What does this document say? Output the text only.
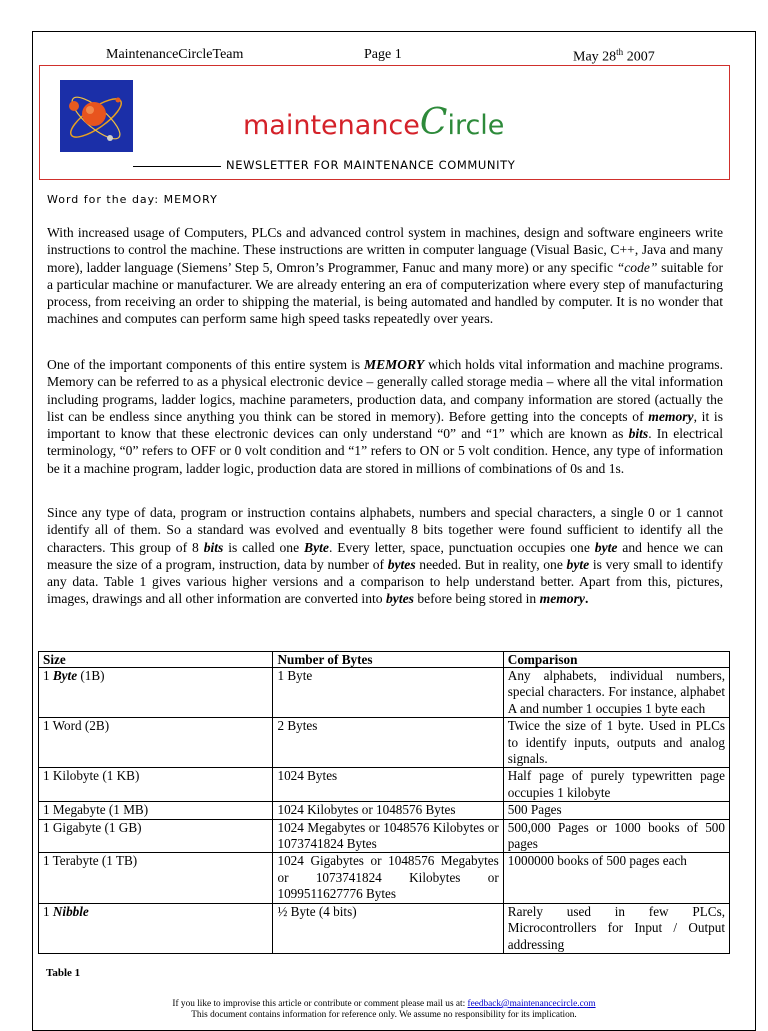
MaintenanceCircleTeam	Page 1	May 28th 2007
maintenanceCircle
NEWSLETTER FOR MAINTENANCE COMMUNITY
Word for the day: MEMORY

With increased usage of Computers, PLCs and advanced control system in machines, design and software engineers write instructions to control the machine. These instructions are written in computer language (Visual Basic, C++, Java and many more), ladder language (Siemens’ Step 5, Omron’s Programmer, Fanuc and many more) or any specific “code” suitable for a particular machine or manufacturer. We are already entering an era of computerization where every step of manufacturing process, from receiving an order to shipping the material, is being automated and handled by computer. It is no wonder that machines and computes can perform same high speed tasks repeatedly over years.

One of the important components of this entire system is MEMORY which holds vital information and machine programs. Memory can be referred to as a physical electronic device – generally called storage media – where all the vital information including programs, ladder logics, machine parameters, production data, and company information are stored (actually the list can be endless since anything you think can be stored in memory). Before getting into the concepts of memory, it is important to know that these electronic devices can only understand “0” and “1” which are known as bits. In electrical terminology, “0” refers to OFF or 0 volt condition and “1” refers to ON or 5 volt condition. Hence, any type of information be it a machine program, ladder logic, production data are stored in millions of combinations of 0s and 1s.

Since any type of data, program or instruction contains alphabets, numbers and special characters, a single 0 or 1 cannot identify all of them. So a standard was evolved and eventually 8 bits together were found sufficient to identify all the characters. This group of 8 bits is called one Byte. Every letter, space, punctuation occupies one byte and hence we can measure the size of a program, instruction, data by number of bytes needed. But in reality, one byte is very small to identify any data. Table 1 gives various higher versions and a comparison to help understand better. Apart from this, pictures, images, drawings and all other information are converted into bytes before being stored in memory.

Size	Number of Bytes	Comparison
1 Byte (1B)	1 Byte	Any alphabets, individual numbers, special characters. For instance, alphabet A and number 1 occupies 1 byte each
1 Word (2B)	2 Bytes	Twice the size of 1 byte. Used in PLCs to identify inputs, outputs and analog signals.
1 Kilobyte (1 KB)	1024 Bytes	Half page of purely typewritten page occupies 1 kilobyte
1 Megabyte (1 MB)	1024 Kilobytes or 1048576 Bytes	500 Pages
1 Gigabyte (1 GB)	1024 Megabytes or 1048576 Kilobytes or 1073741824 Bytes	500,000 Pages or 1000 books of 500 pages
1 Terabyte (1 TB)	1024 Gigabytes or 1048576 Megabytes or 1073741824 Kilobytes or 1099511627776 Bytes	1000000 books of 500 pages each
1 Nibble	½ Byte (4 bits)	Rarely used in few PLCs, Microcontrollers for Input / Output addressing
Table 1
If you like to improvise this article or contribute or comment please mail us at: feedback@maintenancecircle.com
This document contains information for reference only. We assume no responsibility for its implication.
